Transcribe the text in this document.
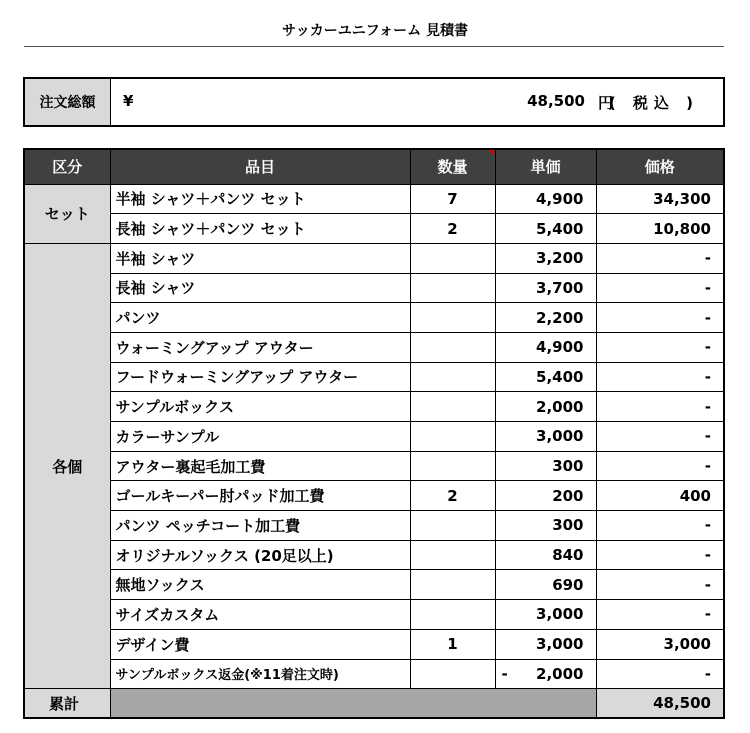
サッカーユニフォーム 見積書
注文総額	¥	48,500 円
( 税込 )
区分	品目	数量	単価	価格
セット	半袖 シャツ＋パンツ セット	7	4,900	34,300
	長袖 シャツ＋パンツ セット	2	5,400	10,800
各個	半袖 シャツ		3,200	-
	長袖 シャツ		3,700	-
	パンツ		2,200	-
	ウォーミングアップ アウター		4,900	-
	フードウォーミングアップ アウター		5,400	-
	サンプルボックス		2,000	-
	カラーサンプル		3,000	-
	アウター裏起毛加工費		300	-
	ゴールキーパー肘パッド加工費	2	200	400
	パンツ ペッチコート加工費		300	-
	オリジナルソックス (20足以上)		840	-
	無地ソックス		690	-
	サイズカスタム		3,000	-
	デザイン費	1	3,000	3,000
	サンプルボックス返金(※11着注文時)		- 2,000	-
累計				48,500
